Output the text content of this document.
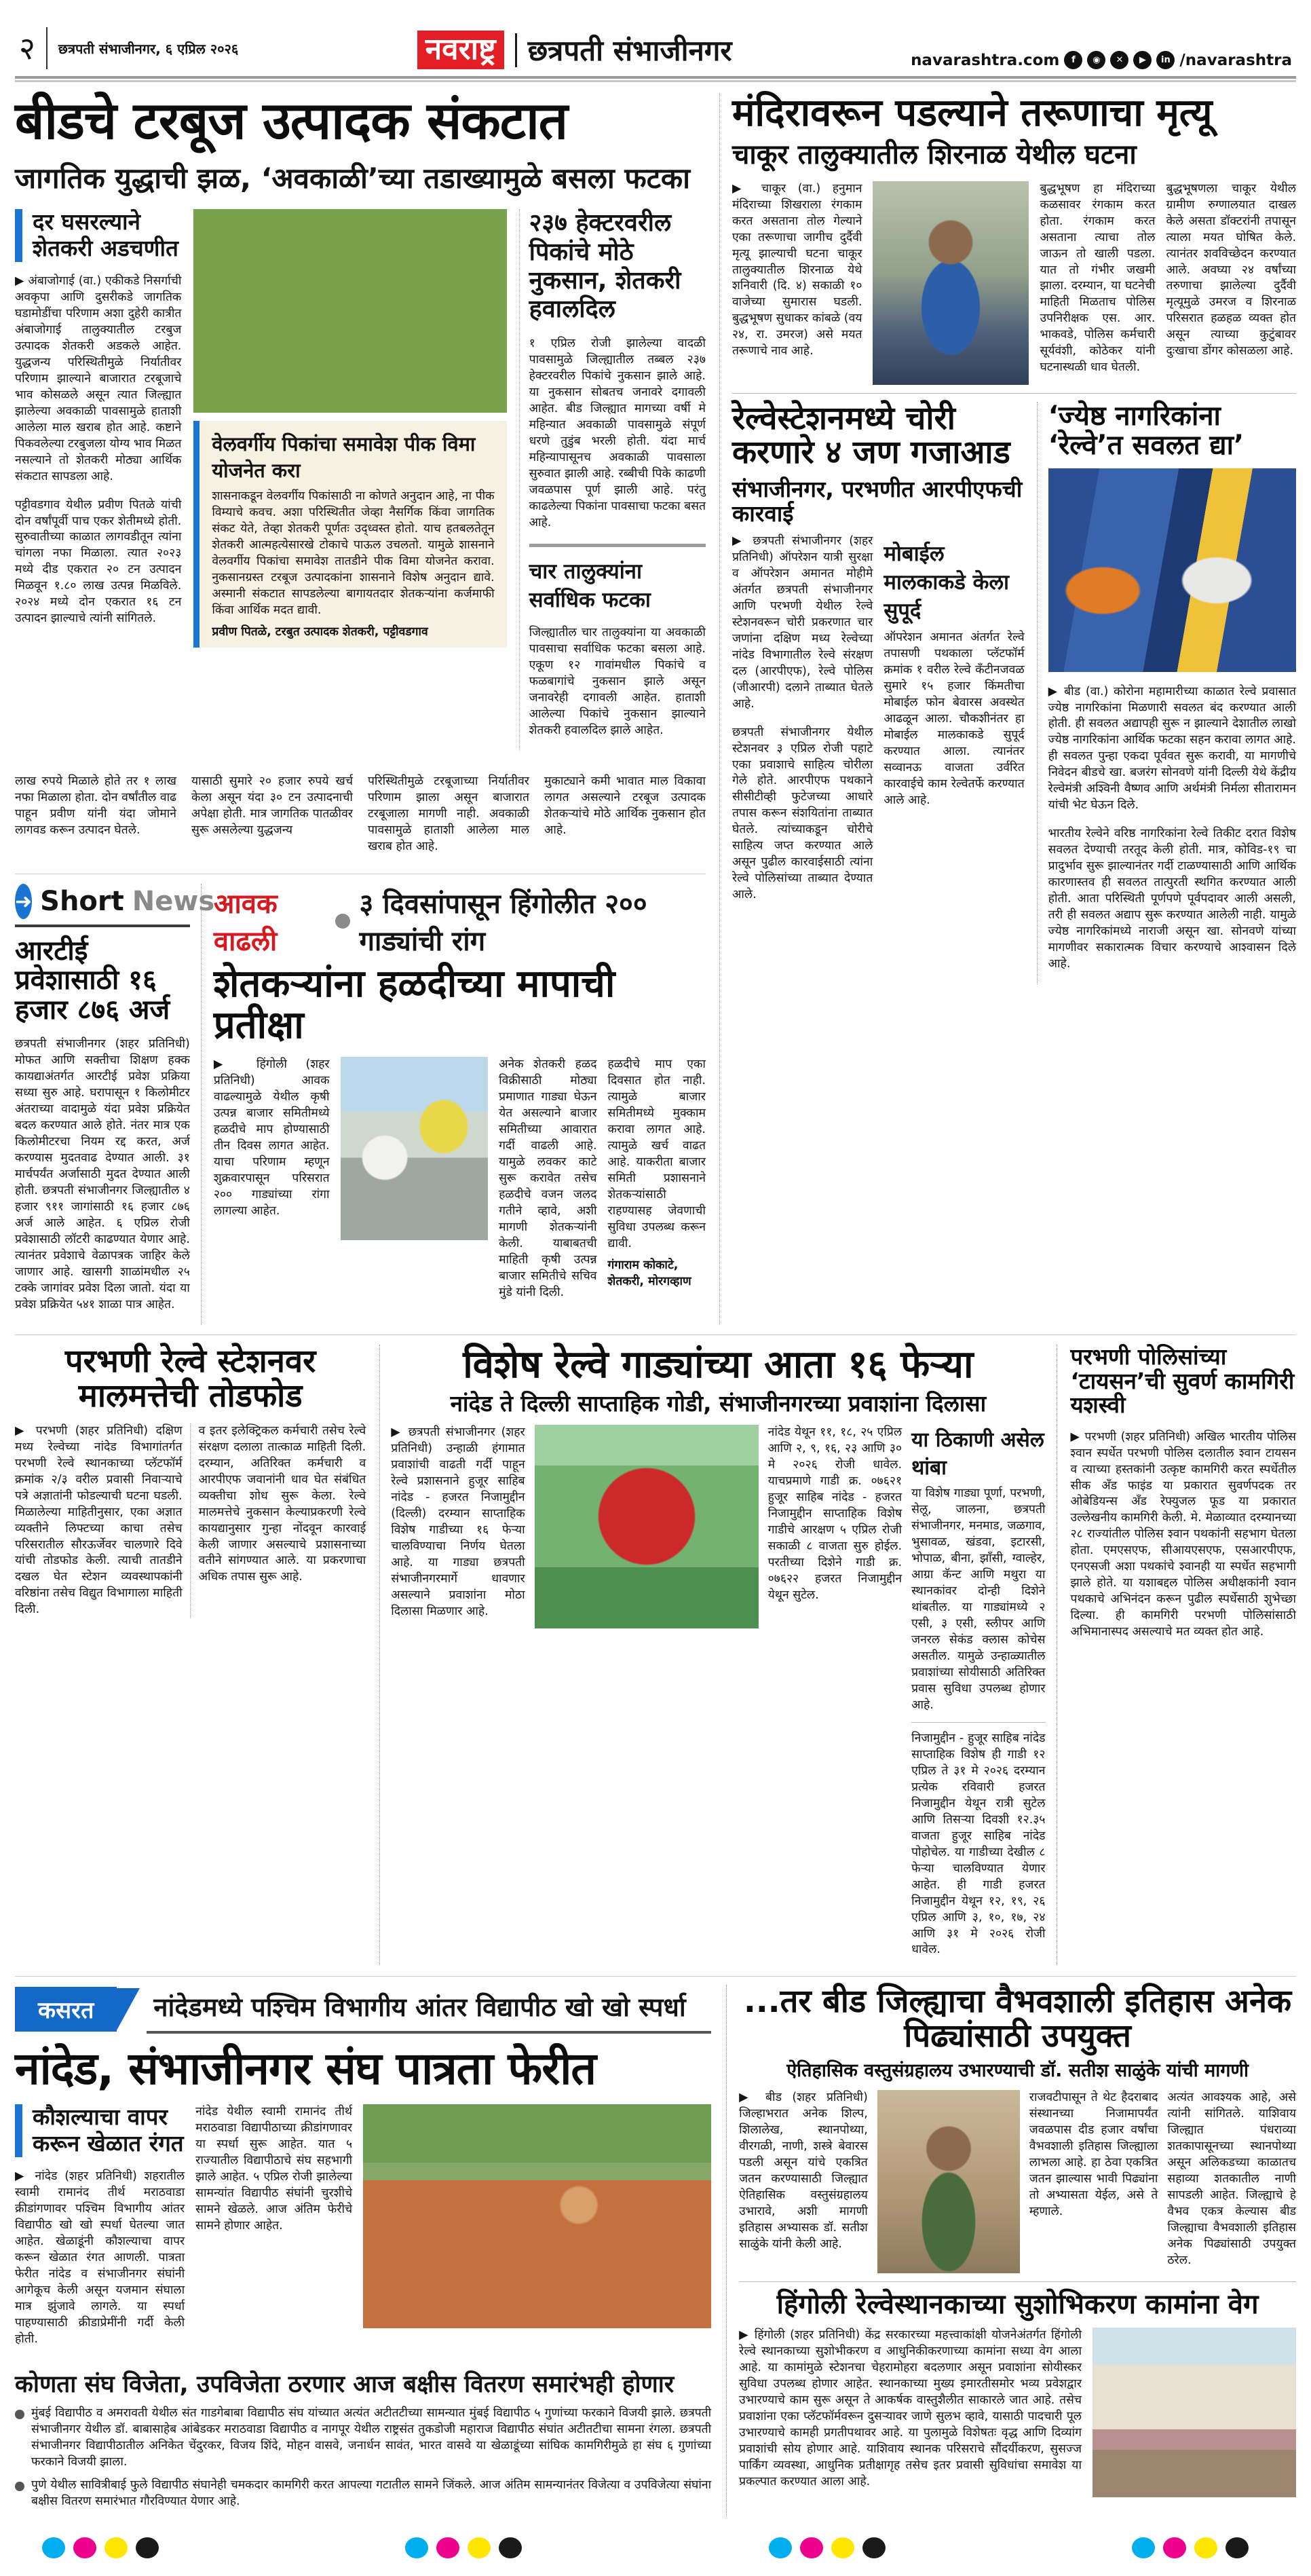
२ छत्रपती संभाजीनगर, ६ एप्रिल २०२६	नवराष्ट्र छत्रपती संभाजीनगर	navarashtra.com	f	◉	✕	▶	in /navarashtra
बीडचे टरबूज उत्पादक संकटात
जागतिक युद्धाची झळ, ‘अवकाळी’च्या तडाख्यामुळे बसला फटका
दर घसरल्याने शेतकरी अडचणीत

▶ अंबाजोगाई (वा.) एकीकडे निसर्गाची अवकृपा आणि दुसरीकडे जागतिक घडामोडींचा परिणाम अशा दुहेरी कात्रीत अंबाजोगाई तालुक्यातील टरबुज उत्पादक शेतकरी अडकले आहेत. युद्धजन्य परिस्थितीमुळे निर्यातीवर परिणाम झाल्याने बाजारात टरबूजाचे भाव कोसळले असून त्यात जिल्ह्यात झालेल्या अवकाळी पावसामुळे हाताशी आलेला माल खराब होत आहे. कष्टाने पिकवलेल्या टरबुजला योग्य भाव मिळत नसल्याने तो शेतकरी मोठ्या आर्थिक संकटात सापडला आहे.

पट्टीवडगाव येथील प्रवीण पितळे यांची दोन वर्षांपूर्वी पाच एकर शेतीमध्ये होती. सुरुवातीच्या काळात लागवडीतून त्यांना चांगला नफा मिळाला. त्यात २०२३ मध्ये दीड एकरात २० टन उत्पादन मिळवून १.८० लाख उत्पन्न मिळविले. २०२४ मध्ये दोन एकरात १६ टन उत्पादन झाल्याचे त्यांनी सांगितले.

वेलवर्गीय पिकांचा समावेश पीक विमा योजनेत करा
शासनाकडून वेलवर्गीय पिकांसाठी ना कोणते अनुदान आहे, ना पीक विम्याचे कवच. अशा परिस्थितीत जेव्हा नैसर्गिक किंवा जागतिक संकट येते, तेव्हा शेतकरी पूर्णतः उद्ध्वस्त होतो. याच हतबलतेतून शेतकरी आत्महत्येसारखे टोकाचे पाऊल उचलतो. यामुळे शासनाने वेलवर्गीय पिकांचा समावेश तातडीने पीक विमा योजनेत करावा. नुकसानग्रस्त टरबूज उत्पादकांना शासनाने विशेष अनुदान द्यावे. अस्मानी संकटात सापडलेल्या बागायतदार शेतकऱ्यांना कर्जमाफी किंवा आर्थिक मदत द्यावी.
प्रवीण पितळे, टरबुत उत्पादक शेतकरी, पट्टीवडगाव
२३७ हेक्टरवरील पिकांचे मोठे नुकसान, शेतकरी हवालदिल

१ एप्रिल रोजी झालेल्या वादळी पावसामुळे जिल्ह्यातील तब्बल २३७ हेक्टरवरील पिकांचे नुकसान झाले आहे. या नुकसान सोबतच जनावरे दगावली आहेत. बीड जिल्ह्यात मागच्या वर्षी मे महिन्यात अवकाळी पावसामुळे संपूर्ण धरणे तुडुंब भरली होती. यंदा मार्च महिन्यापासूनच अवकाळी पावसाला सुरुवात झाली आहे. रब्बीची पिके काढणी जवळपास पूर्ण झाली आहे. परंतु काढलेल्या पिकांना पावसाचा फटका बसत आहे.

चार तालुक्यांना सर्वाधिक फटका

जिल्ह्यातील चार तालुक्यांना या अवकाळी पावसाचा सर्वाधिक फटका बसला आहे. एकूण १२ गावांमधील पिकांचे व फळबागांचे नुकसान झाले असून जनावरेही दगावली आहेत. हाताशी आलेल्या पिकांचे नुकसान झाल्याने शेतकरी हवालदिल झाले आहेत.

लाख रुपये मिळाले होते तर १ लाख नफा मिळाला होता. दोन वर्षांतील वाढ पाहून प्रवीण यांनी यंदा जोमाने लागवड करून उत्पादन घेतले.

यासाठी सुमारे २० हजार रुपये खर्च केला असून यंदा ३० टन उत्पादनाची अपेक्षा होती. मात्र जागतिक पातळीवर सुरू असलेल्या युद्धजन्य

परिस्थितीमुळे टरबूजाच्या निर्यातीवर परिणाम झाला असून बाजारात टरबूजाला मागणी नाही. अवकाळी पावसामुळे हाताशी आलेला माल खराब होत आहे.

मुकाट्याने कमी भावात माल विकावा लागत असल्याने टरबूज उत्पादक शेतकऱ्यांचे मोठे आर्थिक नुकसान होत आहे.

➜ Short News
आरटीई प्रवेशासाठी १६ हजार ८७६ अर्ज

छत्रपती संभाजीनगर (शहर प्रतिनिधी) मोफत आणि सक्तीचा शिक्षण हक्क कायद्याअंतर्गत आरटीई प्रवेश प्रक्रिया सध्या सुरु आहे. घरापासून १ किलोमीटर अंतराच्या वादामुळे यंदा प्रवेश प्रक्रियेत बदल करण्यात आले होते. नंतर मात्र एक किलोमीटरचा नियम रद्द करत, अर्ज करण्यास मुदतवाढ देण्यात आली. ३१ मार्चपर्यंत अर्जासाठी मुदत देण्यात आली होती. छत्रपती संभाजीनगर जिल्ह्यातील ४ हजार ९११ जागांसाठी १६ हजार ८७६ अर्ज आले आहेत. ६ एप्रिल रोजी प्रवेशासाठी लॉटरी काढण्यात येणार आहे. त्यानंतर प्रवेशाचे वेळापत्रक जाहिर केले जाणार आहे. खासगी शाळांमधील २५ टक्के जागांवर प्रवेश दिला जातो. यंदा या प्रवेश प्रक्रियेत ५४१ शाळा पात्र आहेत.

आवक वाढली
३ दिवसांपासून हिंगोलीत २०० गाड्यांची रांग
शेतकऱ्यांना हळदीच्या मापाची प्रतीक्षा

▶ हिंगोली (शहर प्रतिनिधी) आवक वाढल्यामुळे येथील कृषी उत्पन्न बाजार समितीमध्ये हळदीचे माप होण्यासाठी तीन दिवस लागत आहेत. याचा परिणाम म्हणून शुक्रवारपासून परिसरात २०० गाड्यांच्या रांगा लागल्या आहेत.

अनेक शेतकरी हळद विक्रीसाठी मोठ्या प्रमाणात गाड्या घेऊन येत असल्याने बाजार समितीच्या आवारात गर्दी वाढली आहे. यामुळे लवकर काटे सुरू करावेत तसेच हळदीचे वजन जलद गतीने व्हावे, अशी मागणी शेतकऱ्यांनी केली. याबाबतची माहिती कृषी उत्पन्न बाजार समितीचे सचिव मुंडे यांनी दिली.

हळदीचे माप एका दिवसात होत नाही. त्यामुळे बाजार समितीमध्ये मुक्काम करावा लागत आहे. त्यामुळे खर्च वाढत आहे. याकरीता बाजार समिती प्रशासनाने शेतकऱ्यांसाठी राहण्यासह जेवणाची सुविधा उपलब्ध करून द्यावी.

गंगाराम कोकाटे, शेतकरी, मोरगव्हाण
मंदिरावरून पडल्याने तरूणाचा मृत्यू
चाकूर तालुक्यातील शिरनाळ येथील घटना

▶ चाकूर (वा.) हनुमान मंदिराच्या शिखराला रंगकाम करत असताना तोल गेल्याने एका तरूणाचा जागीच दुर्दैवी मृत्यू झाल्याची घटना चाकूर तालुक्यातील शिरनाळ येथे शनिवारी (दि. ४) सकाळी १० वाजेच्या सुमारास घडली. बुद्धभूषण सुधाकर कांबळे (वय २४, रा. उमरज) असे मयत तरूणाचे नाव आहे.

बुद्धभूषण हा मंदिराच्या कळसावर रंगकाम करत होता. रंगकाम करत असताना त्याचा तोल जाऊन तो खाली पडला. यात तो गंभीर जखमी झाला. दरम्यान, या घटनेची माहिती मिळताच पोलिस उपनिरीक्षक एस. आर. भाकवडे, पोलिस कर्मचारी सूर्यवंशी, कोठेकर यांनी घटनास्थळी धाव घेतली.

बुद्धभूषणला चाकूर येथील ग्रामीण रुग्णालयात दाखल केले असता डॉक्टरांनी तपासून त्याला मयत घोषित केले. त्यानंतर शवविच्छेदन करण्यात आले. अवघ्या २४ वर्षांच्या तरुणाचा झालेल्या दुर्दैवी मृत्यूमुळे उमरज व शिरनाळ परिसरात हळहळ व्यक्त होत असून त्याच्या कुटुंबावर दुःखाचा डोंगर कोसळला आहे.

रेल्वेस्टेशनमध्ये चोरी करणारे ४ जण गजाआड
संभाजीनगर, परभणीत आरपीएफची कारवाई

▶ छत्रपती संभाजीनगर (शहर प्रतिनिधी) ऑपरेशन यात्री सुरक्षा व ऑपरेशन अमानत मोहीमे अंतर्गत छत्रपती संभाजीनगर आणि परभणी येथील रेल्वे स्टेशनवरून चोरी प्रकरणात चार जणांना दक्षिण मध्य रेल्वेच्या नांदेड विभागातील रेल्वे संरक्षण दल (आरपीएफ), रेल्वे पोलिस (जीआरपी) दलाने ताब्यात घेतले आहे.

छत्रपती संभाजीनगर येथील स्टेशनवर ३ एप्रिल रोजी पहाटे एका प्रवाशाचे साहित्य चोरीला गेले होते. आरपीएफ पथकाने सीसीटीव्ही फुटेजच्या आधारे तपास करून संशयितांना ताब्यात घेतले. त्यांच्याकडून चोरीचे साहित्य जप्त करण्यात आले असून पुढील कारवाईसाठी त्यांना रेल्वे पोलिसांच्या ताब्यात देण्यात आले.

मोबाईल मालकाकडे केला सुपूर्द

ऑपरेशन अमानत अंतर्गत रेल्वे तपासणी पथकाला प्लॅटफॉर्म क्रमांक १ वरील रेल्वे कँटीनजवळ सुमारे १५ हजार किंमतीचा मोबाईल फोन बेवारस अवस्थेत आढळून आला. चौकशीनंतर हा मोबाईल मालकाकडे सुपूर्द करण्यात आला. त्यानंतर सव्वानऊ वाजता उर्वरित कारवाईचे काम रेल्वेतर्फे करण्यात आले आहे.

‘ज्येष्ठ नागरिकांना ‘रेल्वे’त सवलत द्या’

▶ बीड (वा.) कोरोना महामारीच्या काळात रेल्वे प्रवासात ज्येष्ठ नागरिकांना मिळणारी सवलत बंद करण्यात आली होती. ही सवलत अद्यापही सुरू न झाल्याने देशातील लाखो ज्येष्ठ नागरिकांना आर्थिक फटका सहन करावा लागत आहे. ही सवलत पुन्हा एकदा पूर्ववत सुरू करावी, या मागणीचे निवेदन बीडचे खा. बजरंग सोनवणे यांनी दिल्ली येथे केंद्रीय रेल्वेमंत्री अश्विनी वैष्णव आणि अर्थमंत्री निर्मला सीतारामन यांची भेट घेऊन दिले.

भारतीय रेल्वेने वरिष्ठ नागरिकांना रेल्वे तिकीट दरात विशेष सवलत देण्याची तरतूद केली होती. मात्र, कोविड-१९ चा प्रादुर्भाव सुरू झाल्यानंतर गर्दी टाळण्यासाठी आणि आर्थिक कारणास्तव ही सवलत तात्पुरती स्थगित करण्यात आली होती. आता परिस्थिती पूर्णपणे पूर्वपदावर आली असली, तरी ही सवलत अद्याप सुरू करण्यात आलेली नाही. यामुळे ज्येष्ठ नागरिकांमध्ये नाराजी असून खा. सोनवणे यांच्या मागणीवर सकारात्मक विचार करण्याचे आश्वासन दिले आहे.

परभणी रेल्वे स्टेशनवर मालमत्तेची तोडफोड

▶ परभणी (शहर प्रतिनिधी) दक्षिण मध्य रेल्वेच्या नांदेड विभागांतर्गत परभणी रेल्वे स्थानकाच्या प्लॅटफॉर्म क्रमांक २/३ वरील प्रवासी निवाऱ्याचे पत्रे अज्ञातांनी फोडल्याची घटना घडली. मिळालेल्या माहितीनुसार, एका अज्ञात व्यक्तीने लिफ्टच्या काचा तसेच परिसरातील सौरऊर्जेवर चालणारे दिवे यांची तोडफोड केली. त्याची तातडीने दखल घेत स्टेशन व्यवस्थापकांनी वरिष्ठांना तसेच विद्युत विभागाला माहिती दिली.

व इतर इलेक्ट्रिकल कर्मचारी तसेच रेल्वे संरक्षण दलाला तात्काळ माहिती दिली. दरम्यान, अतिरिक्त कर्मचारी व आरपीएफ जवानांनी धाव घेत संबंधित व्यक्तीचा शोध सुरू केला. रेल्वे मालमत्तेचे नुकसान केल्याप्रकरणी रेल्वे कायद्यानुसार गुन्हा नोंदवून कारवाई केली जाणार असल्याचे प्रशासनाच्या वतीने सांगण्यात आले. या प्रकरणाचा अधिक तपास सुरू आहे.

विशेष रेल्वे गाड्यांच्या आता १६ फेऱ्या
नांदेड ते दिल्ली साप्ताहिक गोडी, संभाजीनगरच्या प्रवाशांना दिलासा

▶ छत्रपती संभाजीनगर (शहर प्रतिनिधी) उन्हाळी हंगामात प्रवाशांची वाढती गर्दी पाहून रेल्वे प्रशासनाने हुजूर साहिब नांदेड - हजरत निजामुद्दीन (दिल्ली) दरम्यान साप्ताहिक विशेष गाडीच्या १६ फेऱ्या चालविण्याचा निर्णय घेतला आहे. या गाड्या छत्रपती संभाजीनगरमार्गे धावणार असल्याने प्रवाशांना मोठा दिलासा मिळणार आहे.

नांदेड येथून ११, १८, २५ एप्रिल आणि २, ९, १६, २३ आणि ३० मे २०२६ रोजी धावेल. याचप्रमाणे गाडी क्र. ०७६२१ हुजूर साहिब नांदेड - हजरत निजामुद्दीन साप्ताहिक विशेष गाडीचे आरक्षण ५ एप्रिल रोजी सकाळी ८ वाजता सुरु होईल. परतीच्या दिशेने गाडी क्र. ०७६२२ हजरत निजामुद्दीन येथून सुटेल.

या ठिकाणी असेल थांबा

या विशेष गाड्या पूर्णा, परभणी, सेलू, जालना, छत्रपती संभाजीनगर, मनमाड, जळगाव, भुसावळ, खंडवा, इटारसी, भोपाळ, बीना, झाँसी, ग्वाल्हेर, आग्रा कॅन्ट आणि मथुरा या स्थानकांवर दोन्ही दिशेने थांबतील. या गाड्यांमध्ये २ एसी, ३ एसी, स्लीपर आणि जनरल सेकंड क्लास कोचेस असतील. यामुळे उन्हाळ्यातील प्रवाशांच्या सोयीसाठी अतिरिक्त प्रवास सुविधा उपलब्ध होणार आहे.

निजामुद्दीन - हुजूर साहिब नांदेड साप्ताहिक विशेष ही गाडी १२ एप्रिल ते ३१ मे २०२६ दरम्यान प्रत्येक रविवारी हजरत निजामुद्दीन येथून रात्री सुटेल आणि तिसऱ्या दिवशी १२.३५ वाजता हुजूर साहिब नांदेड पोहोचेल. या गाडीच्या देखील ८ फेऱ्या चालविण्यात येणार आहेत. ही गाडी हजरत निजामुद्दीन येथून १२, १९, २६ एप्रिल आणि ३, १०, १७, २४ आणि ३१ मे २०२६ रोजी धावेल.

परभणी पोलिसांच्या ‘टायसन’ची सुवर्ण कामगिरी यशस्वी

▶ परभणी (शहर प्रतिनिधी) अखिल भारतीय पोलिस श्वान स्पर्धेत परभणी पोलिस दलातील श्वान टायसन व त्याच्या हस्तकांनी उत्कृष्ट कामगिरी करत स्पर्धेतील सीक अँड फाइंड या प्रकारात सुवर्णपदक तर ओबेडियन्स अँड रेफ्युजल फूड या प्रकारात उल्लेखनीय कामगिरी केली. मे. मेळाव्यात दरम्यानच्या २८ राज्यांतील पोलिस श्वान पथकांनी सहभाग घेतला होता. एमएसएफ, सीआयएसएफ, एसआरपीएफ, एनएसजी अशा पथकांचे श्वानही या स्पर्धेत सहभागी झाले होते. या यशाबद्दल पोलिस अधीक्षकांनी श्वान पथकाचे अभिनंदन करून पुढील स्पर्धेसाठी शुभेच्छा दिल्या. ही कामगिरी परभणी पोलिसांसाठी अभिमानास्पद असल्याचे मत व्यक्त होत आहे.

कसरत	नांदेडमध्ये पश्चिम विभागीय आंतर विद्यापीठ खो खो स्पर्धा
नांदेड, संभाजीनगर संघ पात्रता फेरीत
कौशल्याचा वापर करून खेळात रंगत

▶ नांदेड (शहर प्रतिनिधी) शहरातील स्वामी रामानंद तीर्थ मराठवाडा क्रीडांगणावर पश्चिम विभागीय आंतर विद्यापीठ खो खो स्पर्धा घेतल्या जात आहेत. खेळाडूंनी कौशल्याचा वापर करून खेळात रंगत आणली. पात्रता फेरीत नांदेड व संभाजीनगर संघांनी आगेकूच केली असून यजमान संघाला मात्र झुंजावे लागले. या स्पर्धा पाहण्यासाठी क्रीडाप्रेमींनी गर्दी केली होती.

नांदेड येथील स्वामी रामानंद तीर्थ मराठवाडा विद्यापीठाच्या क्रीडांगणावर या स्पर्धा सुरू आहेत. यात ५ राज्यातील विद्यापीठाचे संघ सहभागी झाले आहेत. ५ एप्रिल रोजी झालेल्या सामन्यांत विद्यापीठ संघांनी चुरशीचे सामने खेळले. आज अंतिम फेरीचे सामने होणार आहेत.

कोणता संघ विजेता, उपविजेता ठरणार आज बक्षीस वितरण समारंभही होणार

मुंबई विद्यापीठ व अमरावती येथील संत गाडगेबाबा विद्यापीठ संघ यांच्यात अत्यंत अटीतटीच्या सामन्यात मुंबई विद्यापीठ ५ गुणांच्या फरकाने विजयी झाले. छत्रपती संभाजीनगर येथील डॉ. बाबासाहेब आंबेडकर मराठवाडा विद्यापीठ व नागपूर येथील राष्ट्रसंत तुकडोजी महाराज विद्यापीठ संघांत अटीतटीचा सामना रंगला. छत्रपती संभाजीनगर विद्यापीठातील अनिकेत चेंदुरकर, विजय शिंदे, मोहन वासवे, जनार्धन सावंत, भारत वासवे या खेळाडूंच्या सांघिक कामगिरीमुळे हा संघ ६ गुणांच्या फरकाने विजयी झाला.

पुणे येथील सावित्रीबाई फुले विद्यापीठ संघानेही चमकदार कामगिरी करत आपल्या गटातील सामने जिंकले. आज अंतिम सामन्यानंतर विजेत्या व उपविजेत्या संघांना बक्षीस वितरण समारंभात गौरविण्यात येणार आहे.

...तर बीड जिल्ह्याचा वैभवशाली इतिहास अनेक पिढ्यांसाठी उपयुक्त
ऐतिहासिक वस्तुसंग्रहालय उभारण्याची डॉ. सतीश साळुंके यांची मागणी

▶ बीड (शहर प्रतिनिधी) जिल्हाभरात अनेक शिल्प, शिलालेख, स्थानपोथ्या, वीरगळी, नाणी, शस्त्रे बेवारस पडली असून यांचे एकत्रित जतन करण्यासाठी जिल्ह्यात ऐतिहासिक वस्तुसंग्रहालय उभारावे, अशी मागणी इतिहास अभ्यासक डॉ. सतीश साळुंके यांनी केली आहे.

राजवटीपासून ते थेट हैदराबाद संस्थानच्या निजामापर्यंत जवळपास दीड हजार वर्षांचा वैभवशाली इतिहास जिल्ह्याला लाभला आहे. हा ठेवा एकत्रित जतन झाल्यास भावी पिढ्यांना तो अभ्यासता येईल, असे ते म्हणाले.

अत्यंत आवश्यक आहे, असे त्यांनी सांगितले. याशिवाय जिल्ह्यात पंधराव्या शतकापासूनच्या स्थानपोथ्या असून अलिकडच्या काळातच सहाव्या शतकातील नाणी सापडली आहेत. जिल्ह्याचे हे वैभव एकत्र केल्यास बीड जिल्ह्याचा वैभवशाली इतिहास अनेक पिढ्यांसाठी उपयुक्त ठरेल.

हिंगोली रेल्वेस्थानकाच्या सुशोभिकरण कामांना वेग

▶ हिंगोली (शहर प्रतिनिधी) केंद्र सरकारच्या महत्त्वाकांक्षी योजनेअंतर्गत हिंगोली रेल्वे स्थानकाच्या सुशोभीकरण व आधुनिकीकरणाच्या कामांना सध्या वेग आला आहे. या कामांमुळे स्टेशनचा चेहरामोहरा बदलणार असून प्रवाशांना सोयीस्कर सुविधा उपलब्ध होणार आहेत. स्थानकाच्या मुख्य इमारतीसमोर भव्य प्रवेशद्वार उभारण्याचे काम सुरू असून ते आकर्षक वास्तुशैलीत साकारले जात आहे. तसेच प्रवाशांना एका प्लॅटफॉर्मवरून दुसऱ्यावर जाणे सुलभ व्हावे, यासाठी पादचारी पूल उभारण्याचे कामही प्रगतीपथावर आहे. या पुलामुळे विशेषतः वृद्ध आणि दिव्यांग प्रवाशांची सोय होणार आहे. याशिवाय स्थानक परिसराचे सौंदर्यीकरण, सुसज्ज पार्किंग व्यवस्था, आधुनिक प्रतीक्षागृह तसेच इतर प्रवासी सुविधांचा समावेश या प्रकल्पात करण्यात आला आहे.
